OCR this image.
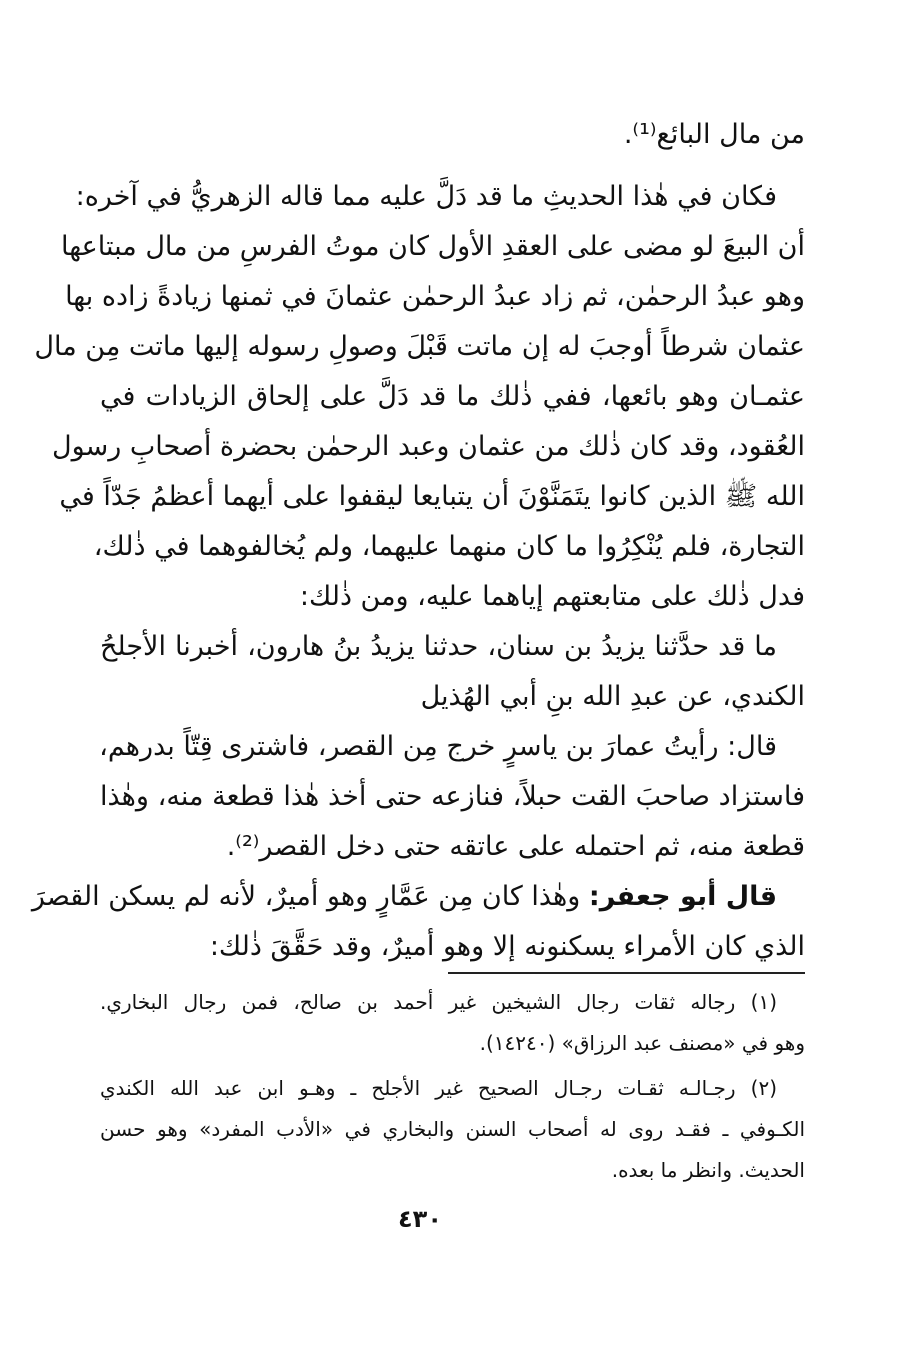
من مال البائع⁽¹⁾.
فكان في هٰذا الحديثِ ما قد دَلَّ عليه مما قاله الزهريُّ في آخره:
أن البيعَ لو مضى على العقدِ الأول كان موتُ الفرسِ من مال مبتاعها
وهو عبدُ الرحمٰن، ثم زاد عبدُ الرحمٰن عثمانَ في ثمنها زيادةً زاده بها
عثمان شرطاً أوجبَ له إن ماتت قَبْلَ وصولِ رسوله إليها ماتت مِن مال
عثمـان وهو بائعها، ففي ذٰلك ما قد دَلَّ على إلحاق الزيادات في
العُقود، وقد كان ذٰلك من عثمان وعبد الرحمٰن بحضرة أصحابِ رسول
الله ﷺ الذين كانوا يتَمَنَّوْنَ أن يتبايعا ليقفوا على أيهما أعظمُ جَدّاً في
التجارة، فلم يُنْكِرُوا ما كان منهما عليهما، ولم يُخالفوهما في ذٰلك،
فدل ذٰلك على متابعتهم إياهما عليه، ومن ذٰلك:
ما قد حدَّثنا يزيدُ بن سنان، حدثنا يزيدُ بنُ هارون، أخبرنا الأجلحُ
الكندي، عن عبدِ الله بنِ أبي الهُذيل
قال: رأيتُ عمارَ بن ياسرٍ خرج مِن القصر، فاشترى قِتّاً بدرهم،
فاستزاد صاحبَ القت حبلاً، فنازعه حتى أخذ هٰذا قطعة منه، وهٰذا
قطعة منه، ثم احتمله على عاتقه حتى دخل القصر⁽²⁾.
قال أبو جعفر: وهٰذا كان مِن عَمَّارٍ وهو أميرٌ، لأنه لم يسكن القصرَ
الذي كان الأمراء يسكنونه إلا وهو أميرٌ، وقد حَقَّقَ ذٰلك:
(١) رجاله ثقات رجال الشيخين غير أحمد بن صالح، فمن رجال البخاري.
وهو في «مصنف عبد الرزاق» (١٤٢٤٠).
(٢) رجـالـه ثقـات رجـال الصحيح غير الأجلح ـ وهـو ابن عبد الله الكندي
الكـوفي ـ فقـد روى له أصحاب السنن والبخاري في «الأدب المفرد» وهو حسن
الحديث. وانظر ما بعده.
٤٣٠
